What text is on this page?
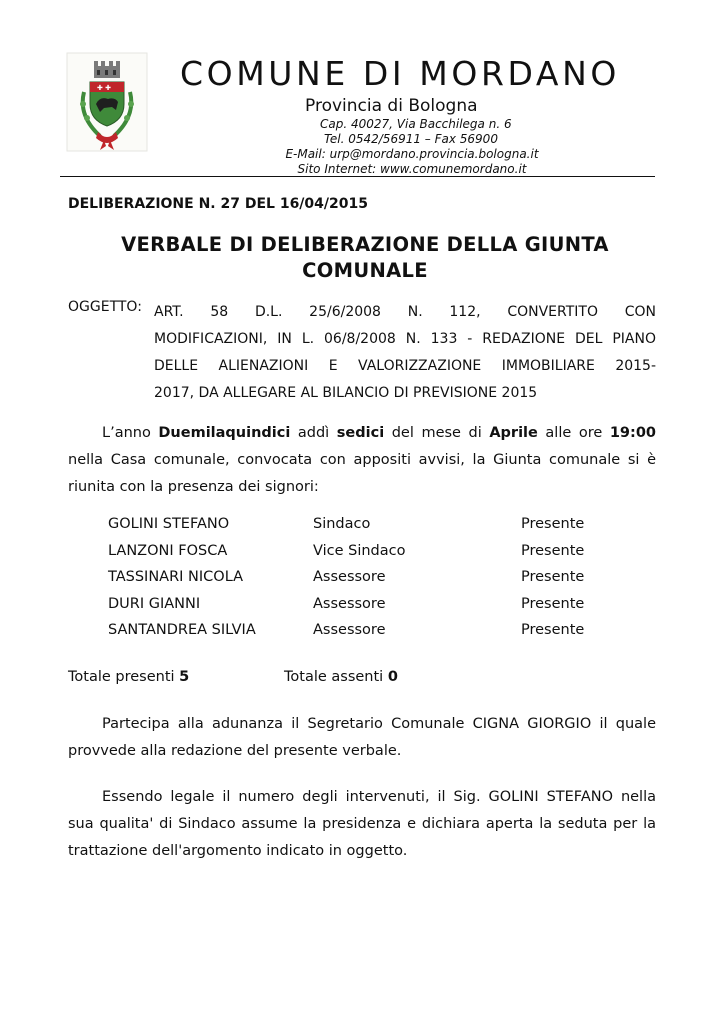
✚ ✚ COMUNE DI MORDANO
Provincia di Bologna
Cap. 40027, Via Bacchilega n. 6
Tel. 0542/56911 – Fax 56900
E-Mail: urp@mordano.provincia.bologna.it
Sito Internet: www.comunemordano.it
DELIBERAZIONE N. 27 DEL 16/04/2015
VERBALE DI DELIBERAZIONE DELLA GIUNTA
COMUNALE
OGGETTO: ART. 58 D.L. 25/6/2008 N. 112, CONVERTITO CON
MODIFICAZIONI, IN L. 06/8/2008 N. 133 - REDAZIONE DEL PIANO
DELLE ALIENAZIONI E VALORIZZAZIONE IMMOBILIARE 2015-
2017, DA ALLEGARE AL BILANCIO DI PREVISIONE 2015
L’anno Duemilaquindici addì sedici del mese di Aprile alle ore 19:00
nella Casa comunale, convocata con appositi avvisi, la Giunta comunale si è
riunita con la presenza dei signori:
GOLINI STEFANO	Sindaco	Presente
LANZONI FOSCA	Vice Sindaco	Presente
TASSINARI NICOLA	Assessore	Presente
DURI GIANNI	Assessore	Presente
SANTANDREA SILVIA	Assessore	Presente
Totale presenti 5	Totale assenti 0
Partecipa alla adunanza il Segretario Comunale CIGNA GIORGIO il quale
provvede alla redazione del presente verbale.
Essendo legale il numero degli intervenuti, il Sig. GOLINI STEFANO nella
sua qualita' di Sindaco assume la presidenza e dichiara aperta la seduta per la
trattazione dell'argomento indicato in oggetto.
